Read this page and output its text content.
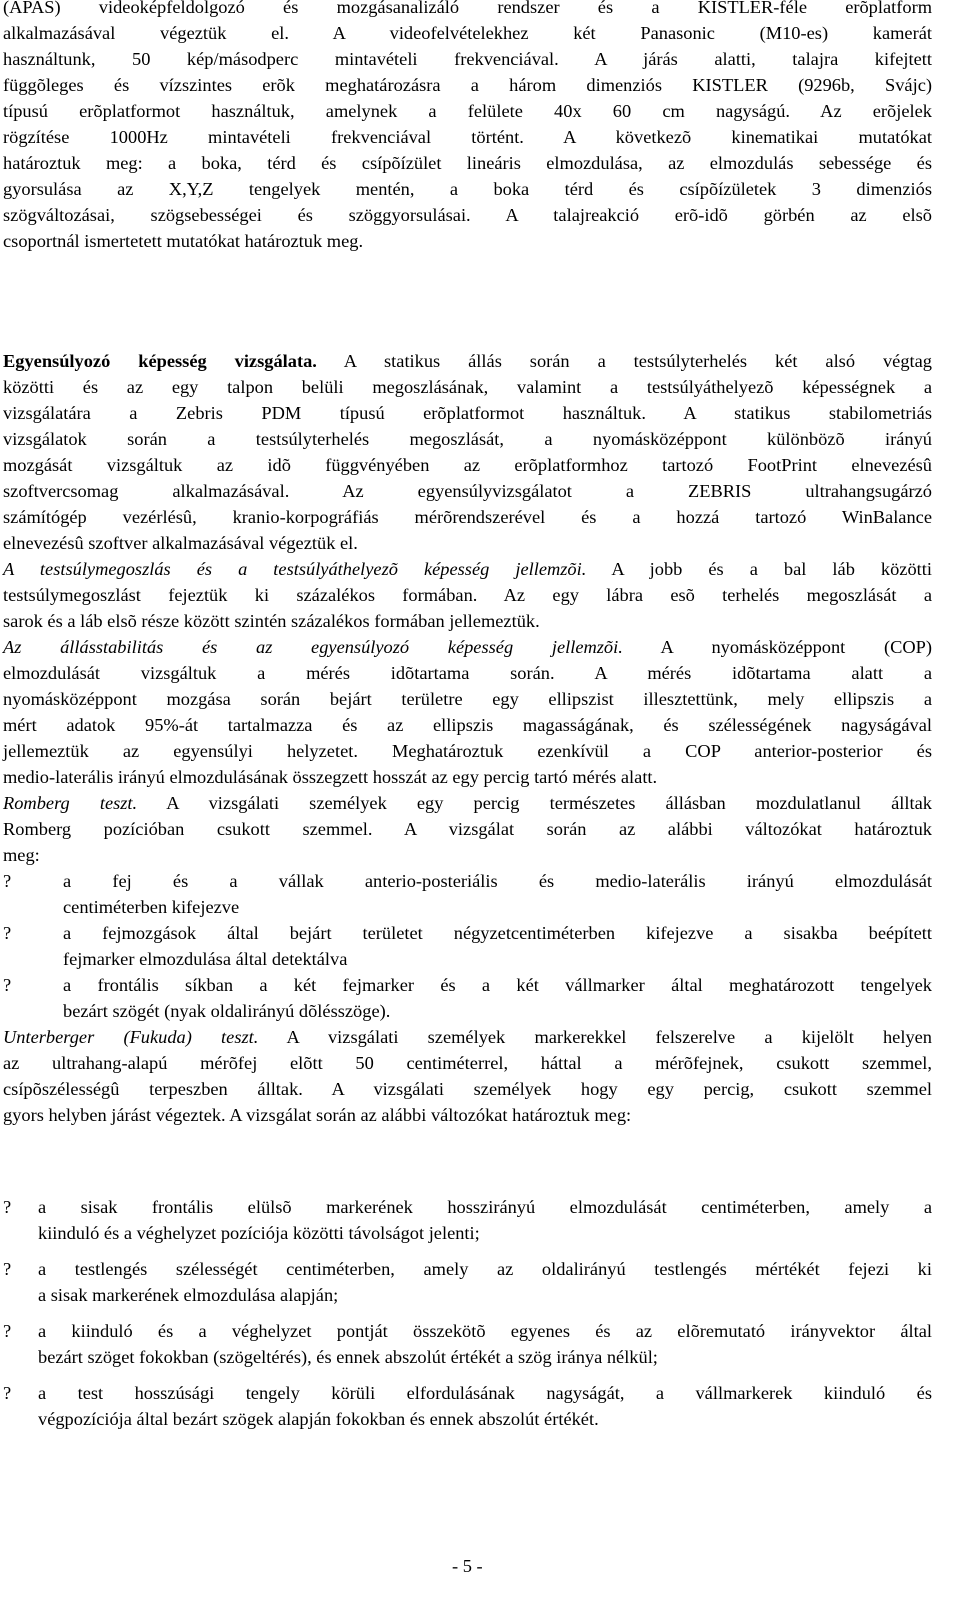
(APAS) videoképfeldolgozó és mozgásanalizáló rendszer és a KISTLER-féle erõplatform

alkalmazásával végeztük el. A videofelvételekhez két Panasonic (M10-es) kamerát

használtunk, 50 kép/másodperc mintavételi frekvenciával. A járás alatti, talajra kifejtett

függõleges és vízszintes erõk meghatározásra a három dimenziós KISTLER (9296b, Svájc)

típusú erõplatformot használtuk, amelynek a felülete 40x 60 cm nagyságú. Az erõjelek

rögzítése 1000Hz mintavételi frekvenciával történt. A következõ kinematikai mutatókat

határoztuk meg: a boka, térd és csípõízület lineáris elmozdulása, az elmozdulás sebessége és

gyorsulása az X,Y,Z tengelyek mentén, a boka térd és csípõízületek 3 dimenziós

szögváltozásai, szögsebességei és szöggyorsulásai. A talajreakció erõ-idõ görbén az elsõ

csoportnál ismertetett mutatókat határoztuk meg.

Egyensúlyozó képesség vizsgálata. A statikus állás során a testsúlyterhelés két alsó végtag

közötti és az egy talpon belüli megoszlásának, valamint a testsúlyáthelyezõ képességnek a

vizsgálatára a Zebris PDM típusú erõplatformot használtuk. A statikus stabilometriás

vizsgálatok során a testsúlyterhelés megoszlását, a nyomásközéppont különbözõ irányú

mozgását vizsgáltuk az idõ függvényében az erõplatformhoz tartozó FootPrint elnevezésû

szoftvercsomag alkalmazásával. Az egyensúlyvizsgálatot a ZEBRIS ultrahangsugárzó

számítógép vezérlésû, kranio-korpográfiás mérõrendszerével és a hozzá tartozó WinBalance

elnevezésû szoftver alkalmazásával végeztük el.

A testsúlymegoszlás és a testsúlyáthelyezõ képesség jellemzõi. A jobb és a bal láb közötti

testsúlymegoszlást fejeztük ki százalékos formában. Az egy lábra esõ terhelés megoszlását a

sarok és a láb elsõ része között szintén százalékos formában jellemeztük.

Az állásstabilitás és az egyensúlyozó képesség jellemzõi. A nyomásközéppont (COP)

elmozdulását vizsgáltuk a mérés idõtartama során. A mérés idõtartama alatt a

nyomásközéppont mozgása során bejárt területre egy ellipszist illesztettünk, mely ellipszis a

mért adatok 95%-át tartalmazza és az ellipszis magasságának, és szélességének nagyságával

jellemeztük az egyensúlyi helyzetet. Meghatároztuk ezenkívül a COP anterior-posterior és

medio-laterális irányú elmozdulásának összegzett hosszát az egy percig tartó mérés alatt.

Romberg teszt. A vizsgálati személyek egy percig természetes állásban mozdulatlanul álltak

Romberg pozícióban csukott szemmel. A vizsgálat során az alábbi változókat határoztuk

meg:

?	a fej és a vállak anterio-posteriális és medio-laterális irányú elmozdulását

centiméterben kifejezve

?	a fejmozgások által bejárt területet négyzetcentiméterben kifejezve a sisakba beépített

fejmarker elmozdulása által detektálva

?	a frontális síkban a két fejmarker és a két vállmarker által meghatározott tengelyek

bezárt szögét (nyak oldalirányú dõlésszöge).

Unterberger (Fukuda) teszt. A vizsgálati személyek markerekkel felszerelve a kijelölt helyen

az ultrahang-alapú mérõfej elõtt 50 centiméterrel, háttal a mérõfejnek, csukott szemmel,

csípõszélességû terpeszben álltak. A vizsgálati személyek hogy egy percig, csukott szemmel

gyors helyben járást végeztek. A vizsgálat során az alábbi változókat határoztuk meg:

? a sisak frontális elülsõ markerének hosszirányú elmozdulását centiméterben, amely a

kiinduló és a véghelyzet pozíciója közötti távolságot jelenti;

? a testlengés szélességét centiméterben, amely az oldalirányú testlengés mértékét fejezi ki

a sisak markerének elmozdulása alapján;

? a kiinduló és a véghelyzet pontját összekötõ egyenes és az elõremutató irányvektor által

bezárt szöget fokokban (szögeltérés), és ennek abszolút értékét a szög iránya nélkül;

? a test hosszúsági tengely körüli elfordulásának nagyságát, a vállmarkerek kiinduló és

végpozíciója által bezárt szögek alapján fokokban és ennek abszolút értékét.

- 5 -
